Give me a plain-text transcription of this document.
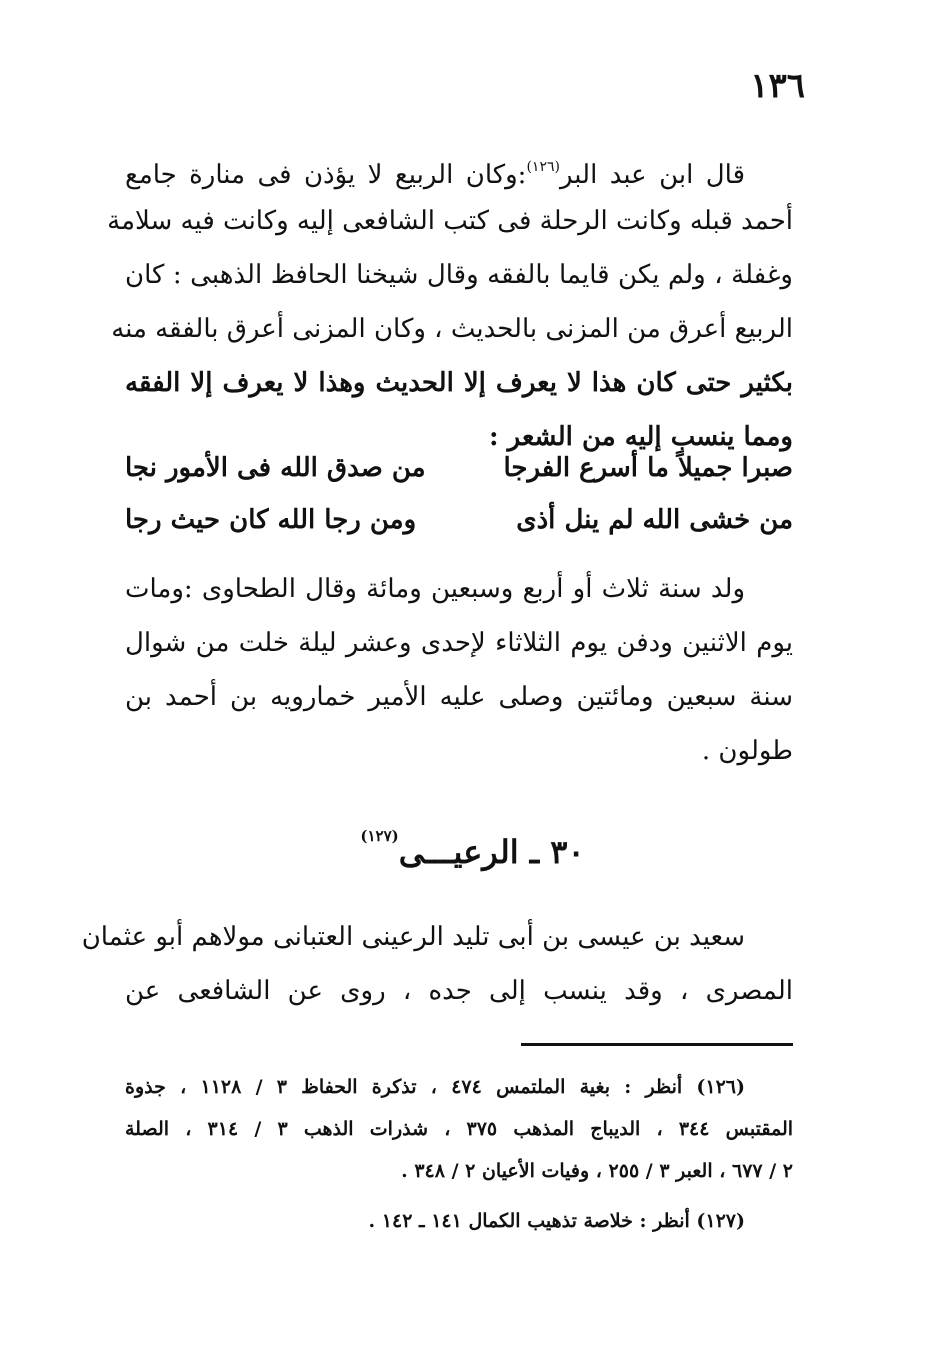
١٣٦
قال ابن عبد البر$^{(١٢٦)}$:وكان الربيع لا يؤذن فى منارة جامع
أحمد قبله وكانت الرحلة فى كتب الشافعى إليه وكانت فيه سلامة
وغفلة ، ولم يكن قايما بالفقه وقال شيخنا الحافظ الذهبى : كان
الربيع أعرق من المزنى بالحديث ، وكان المزنى أعرق بالفقه منه
بكثير حتى كان هذا لا يعرف إلا الحديث وهذا لا يعرف إلا الفقه
ومما ينسب إليه من الشعر :
صبرا جميلاً ما أسرع الفرجا
من صدق الله فى الأمور نجا
من خشى الله لم ينل أذى
ومن رجا الله كان حيث رجا
ولد سنة ثلاث أو أربع وسبعين ومائة وقال الطحاوى :ومات
يوم الاثنين ودفن يوم الثلاثاء لإحدى وعشر ليلة خلت من شوال
سنة سبعين ومائتين وصلى عليه الأمير خمارويه بن أحمد بن
طولون .
٣٠ ـ الرعيـــى$^{(١٢٧)}$
سعيد بن عيسى بن أبى تليد الرعينى العتبانى مولاهم أبو عثمان
المصرى ، وقد ينسب إلى جده ، روى عن الشافعى عن
(١٢٦) أنظر : بغية الملتمس ٤٧٤ ، تذكرة الحفاظ ٣ / ١١٢٨ ، جذوة
المقتبس ٣٤٤ ، الديباج المذهب ٣٧٥ ، شذرات الذهب ٣ / ٣١٤ ، الصلة
٢ / ٦٧٧ ، العبر ٣ / ٢٥٥ ، وفيات الأعيان ٢ / ٣٤٨ .
(١٢٧) أنظر : خلاصة تذهيب الكمال ١٤١ ـ ١٤٢ .
